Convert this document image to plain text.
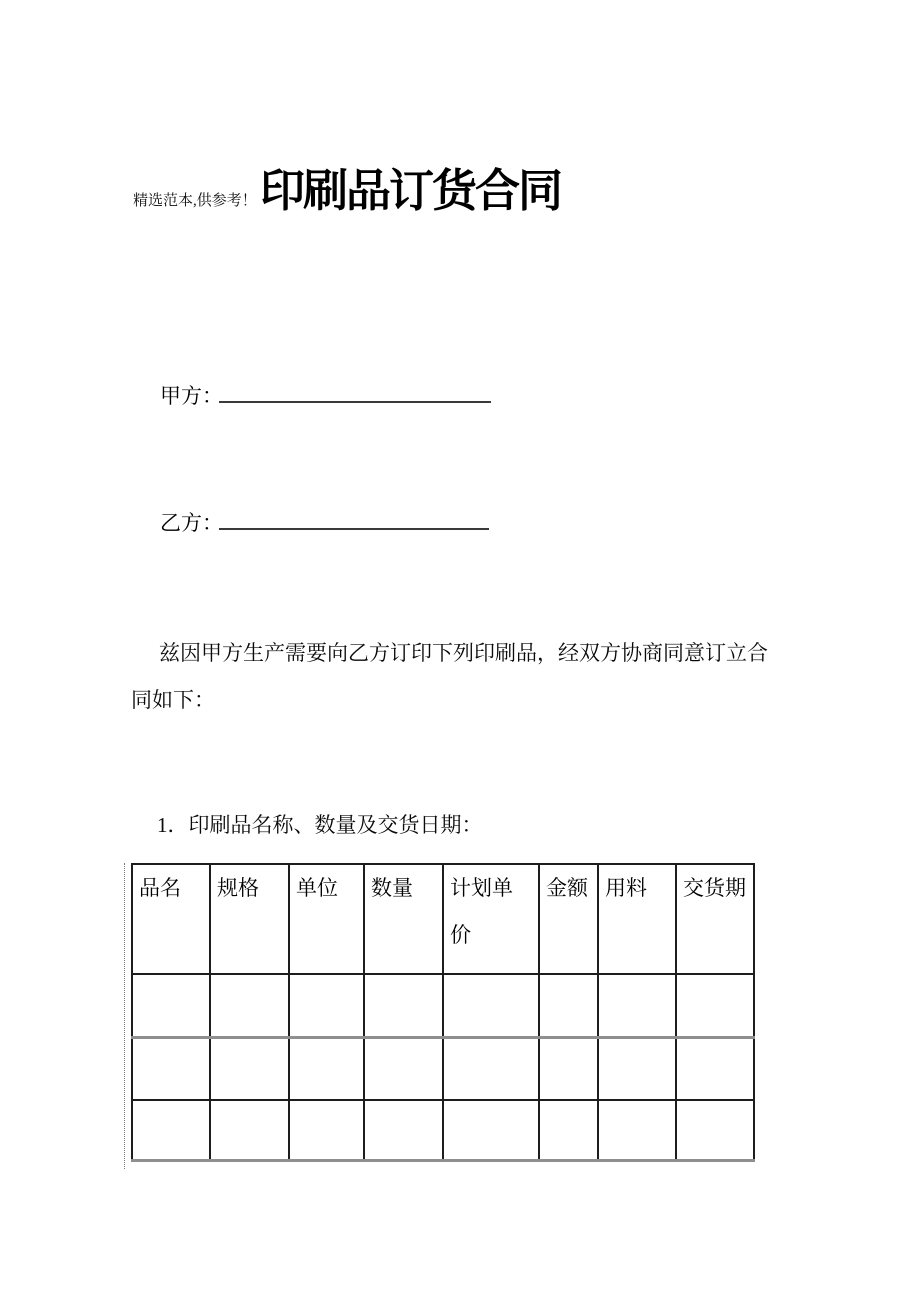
精选范本,供参考！ 印刷品订货合同
甲方：
乙方：

兹因甲方生产需要向乙方订印下列印刷品，经双方协商同意订立合同如下：

1．印刷品名称、数量及交货日期：

品名	规格	单位	数量	计划单价	金额	用料	交货期
